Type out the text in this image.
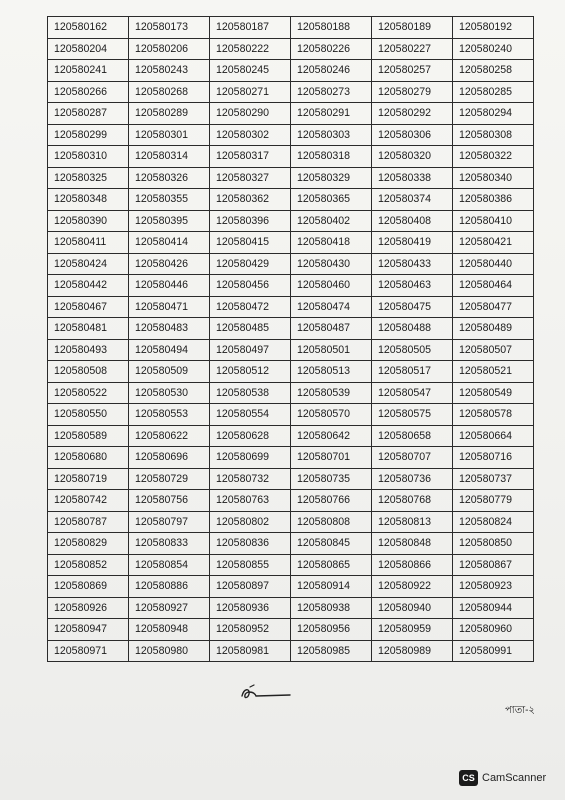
120580162	120580173	120580187	120580188	120580189	120580192
120580204	120580206	120580222	120580226	120580227	120580240
120580241	120580243	120580245	120580246	120580257	120580258
120580266	120580268	120580271	120580273	120580279	120580285
120580287	120580289	120580290	120580291	120580292	120580294
120580299	120580301	120580302	120580303	120580306	120580308
120580310	120580314	120580317	120580318	120580320	120580322
120580325	120580326	120580327	120580329	120580338	120580340
120580348	120580355	120580362	120580365	120580374	120580386
120580390	120580395	120580396	120580402	120580408	120580410
120580411	120580414	120580415	120580418	120580419	120580421
120580424	120580426	120580429	120580430	120580433	120580440
120580442	120580446	120580456	120580460	120580463	120580464
120580467	120580471	120580472	120580474	120580475	120580477
120580481	120580483	120580485	120580487	120580488	120580489
120580493	120580494	120580497	120580501	120580505	120580507
120580508	120580509	120580512	120580513	120580517	120580521
120580522	120580530	120580538	120580539	120580547	120580549
120580550	120580553	120580554	120580570	120580575	120580578
120580589	120580622	120580628	120580642	120580658	120580664
120580680	120580696	120580699	120580701	120580707	120580716
120580719	120580729	120580732	120580735	120580736	120580737
120580742	120580756	120580763	120580766	120580768	120580779
120580787	120580797	120580802	120580808	120580813	120580824
120580829	120580833	120580836	120580845	120580848	120580850
120580852	120580854	120580855	120580865	120580866	120580867
120580869	120580886	120580897	120580914	120580922	120580923
120580926	120580927	120580936	120580938	120580940	120580944
120580947	120580948	120580952	120580956	120580959	120580960
120580971	120580980	120580981	120580985	120580989	120580991
পাতা-২
CS CamScanner
